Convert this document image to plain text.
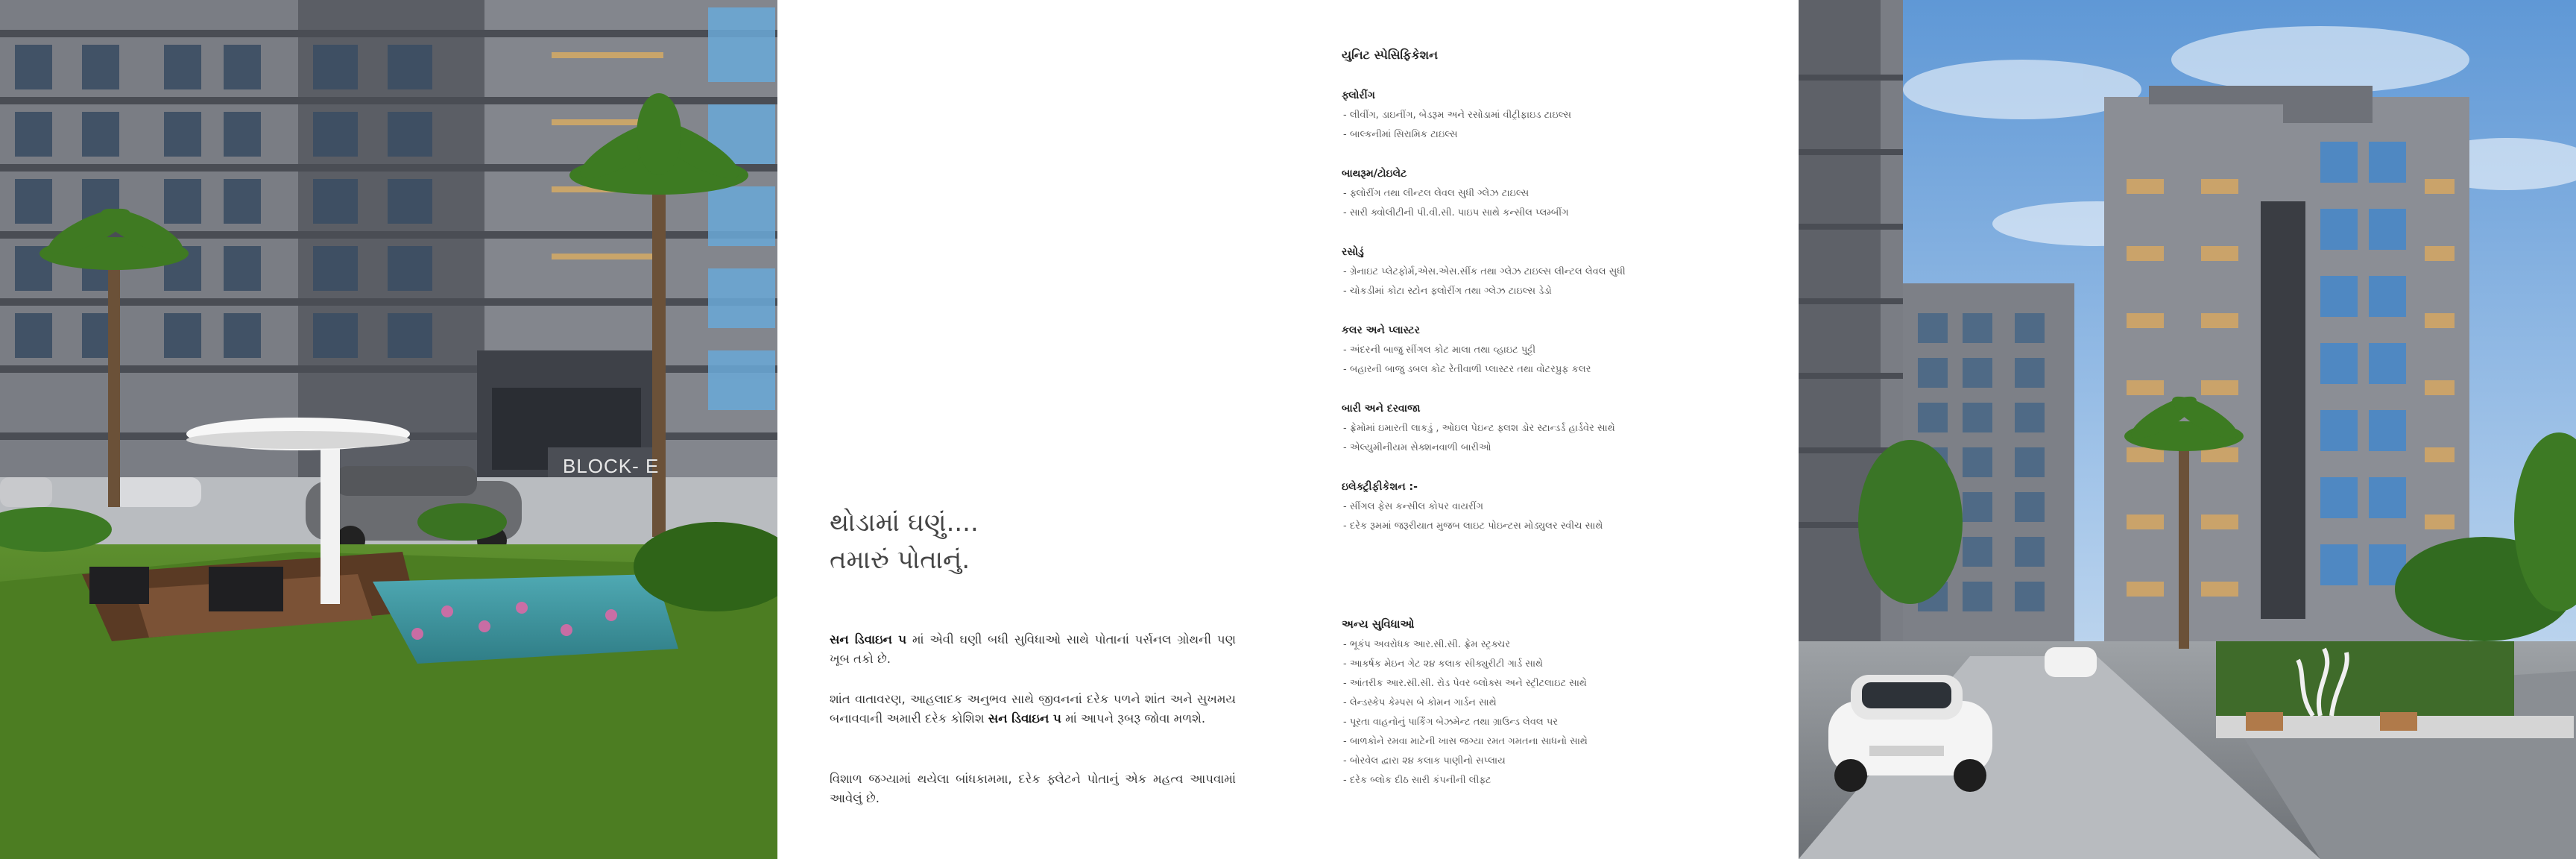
BLOCK- E
થોડામાં ઘણું....
તમારું પોતાનું.
સન ડિવાઇન ૫ માં એવી ઘણી બધી સુવિધાઓ સાથે પોતાનાં પર્સનલ ગ્રોથની પણ ખૂબ તકો છે.
શાંત વાતાવરણ, આહલાદક અનુભવ સાથે જીવનનાં દરેક પળને શાંત અને સુખમય બનાવવાની અમારી દરેક કોશિશ સન ડિવાઇન ૫ માં આપને રૂબરૂ જોવા મળશે.
વિશાળ જગ્યામાં થયેલા બાંધકામમા, દરેક ફ્લેટને પોતાનું એક મહત્વ આપવામાં આવેલું છે.
યુનિટ સ્પેસિફિકેશન
ફ્લોરીંગ
- લીવીંગ, ડાઇનીંગ, બેડરૂમ અને રસોડામાં વીટ્રીફાઇડ ટાઇલ્સ
- બાલ્કનીમાં સિરામિક ટાઇલ્સ
બાથરૂમ/ટોઇલેટ
- ફ્લોરીંગ તથા લીન્ટલ લેવલ સુધી ગ્લેઝ ટાઇલ્સ
- સારી ક્વોલીટીની પી.વી.સી. પાઇપ સાથે કન્સીલ પ્લમ્બીંગ
રસોડું
- ગ્રેનાઇટ પ્લેટફોર્મ,એસ.એસ.સીંક તથા ગ્લેઝ ટાઇલ્સ લીન્ટલ લેવલ સુધી
- ચોકડીમાં કોટા સ્ટોન ફ્લોરીંગ તથા ગ્લેઝ ટાઇલ્સ ડેડો
કલર અને પ્લાસ્ટર
- અંદરની બાજુ સીંગલ કોટ માલા તથા વ્હાઇટ પુટ્ટી
- બહારની બાજુ ડબલ કોટ રેતીવાળી પ્લાસ્ટર તથા વોટરપ્રુફ કલર
બારી અને દરવાજા
- ફ્રેમોમાં ઇમારતી લાકડું , ઓઇલ પેઇન્ટ ફ્લશ ડોર સ્ટાન્ડર્ડ હાર્ડવેર સાથે
- એલ્યુમીનીયમ સેક્શનવાળી બારીઓ
ઇલેક્ટ્રીફીકેશન :-
- સીંગલ ફેસ કન્સીલ કોપર વાયરીંગ
- દરેક રૂમમાં જરૂરીયાત મુજબ લાઇટ પોઇન્ટસ મોડ્યુલર સ્વીચ સાથે
અન્ય સુવિધાઓ
- ભૂકંપ અવરોધક આર.સી.સી. ફ્રેમ સ્ટ્રક્ચર
- આકર્ષક મેઇન ગેટ ૨૪ કલાક સીક્યુરીટી ગાર્ડ સાથે
- આંતરીક આર.સી.સી. રોડ પેવર બ્લોક્સ અને સ્ટ્રીટલાઇટ સાથે
- લેન્ડસ્કેપ કેમ્પસ બે કોમન ગાર્ડન સાથે
- પૂરતા વાહનોનું પાર્કિંગ બેઝમેન્ટ તથા ગ્રાઉન્ડ લેવલ પર
- બાળકોને રમવા માટેની ખાસ જગ્યા રમત ગમતના સાધનો સાથે
- બોરવેલ દ્વારા ૨૪ કલાક પાણીનો સપ્લાય
- દરેક બ્લોક દીઠ સારી કંપનીની લીફ્ટ
